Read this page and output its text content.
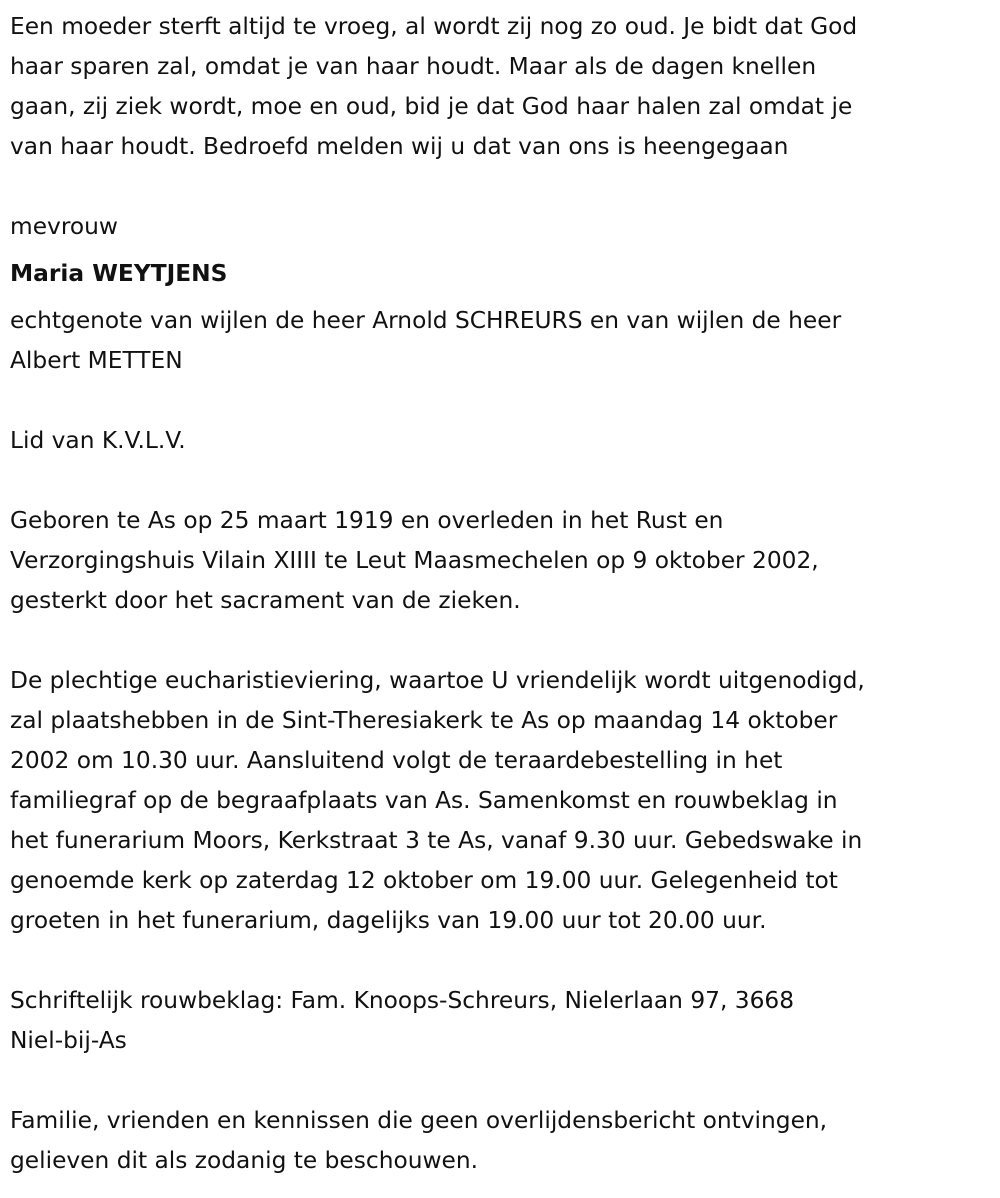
Een moeder sterft altijd te vroeg, al wordt zij nog zo oud. Je bidt dat God
haar sparen zal, omdat je van haar houdt. Maar als de dagen knellen
gaan, zij ziek wordt, moe en oud, bid je dat God haar halen zal omdat je
van haar houdt. Bedroefd melden wij u dat van ons is heengegaan
mevrouw
Maria WEYTJENS
echtgenote van wijlen de heer Arnold SCHREURS en van wijlen de heer
Albert METTEN
Lid van K.V.L.V.
Geboren te As op 25 maart 1919 en overleden in het Rust en
Verzorgingshuis Vilain XIIII te Leut Maasmechelen op 9 oktober 2002,
gesterkt door het sacrament van de zieken.
De plechtige eucharistieviering, waartoe U vriendelijk wordt uitgenodigd,
zal plaatshebben in de Sint-Theresiakerk te As op maandag 14 oktober
2002 om 10.30 uur. Aansluitend volgt de teraardebestelling in het
familiegraf op de begraafplaats van As. Samenkomst en rouwbeklag in
het funerarium Moors, Kerkstraat 3 te As, vanaf 9.30 uur. Gebedswake in
genoemde kerk op zaterdag 12 oktober om 19.00 uur. Gelegenheid tot
groeten in het funerarium, dagelijks van 19.00 uur tot 20.00 uur.
Schriftelijk rouwbeklag: Fam. Knoops-Schreurs, Nielerlaan 97, 3668
Niel-bij-As
Familie, vrienden en kennissen die geen overlijdensbericht ontvingen,
gelieven dit als zodanig te beschouwen.
